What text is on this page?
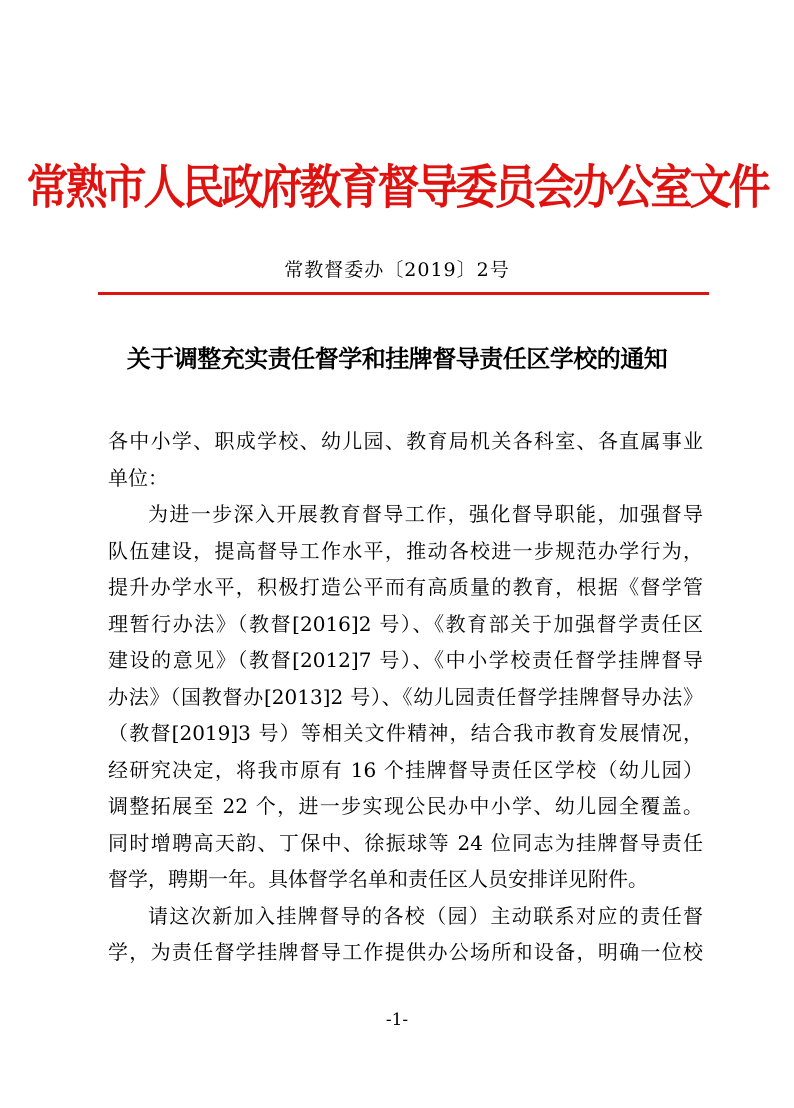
常熟市人民政府教育督导委员会办公室文件
常教督委办〔2019〕2号
关于调整充实责任督学和挂牌督导责任区学校的通知
各中小学、职成学校、幼儿园、教育局机关各科室、各直属事业
单位：
为进一步深入开展教育督导工作，强化督导职能，加强督导
队伍建设，提高督导工作水平，推动各校进一步规范办学行为，
提升办学水平，积极打造公平而有高质量的教育，根据《督学管
理暂行办法》（教督[2016]2 号）、《教育部关于加强督学责任区
建设的意见》（教督[2012]7 号）、《中小学校责任督学挂牌督导
办法》（国教督办[2013]2 号）、《幼儿园责任督学挂牌督导办法》
（教督[2019]3 号）等相关文件精神，结合我市教育发展情况，
经研究决定，将我市原有 16 个挂牌督导责任区学校（幼儿园）
调整拓展至 22 个，进一步实现公民办中小学、幼儿园全覆盖。
同时增聘高天韵、丁保中、徐振球等 24 位同志为挂牌督导责任
督学，聘期一年。具体督学名单和责任区人员安排详见附件。
请这次新加入挂牌督导的各校（园）主动联系对应的责任督
学，为责任督学挂牌督导工作提供办公场所和设备，明确一位校
-1-
